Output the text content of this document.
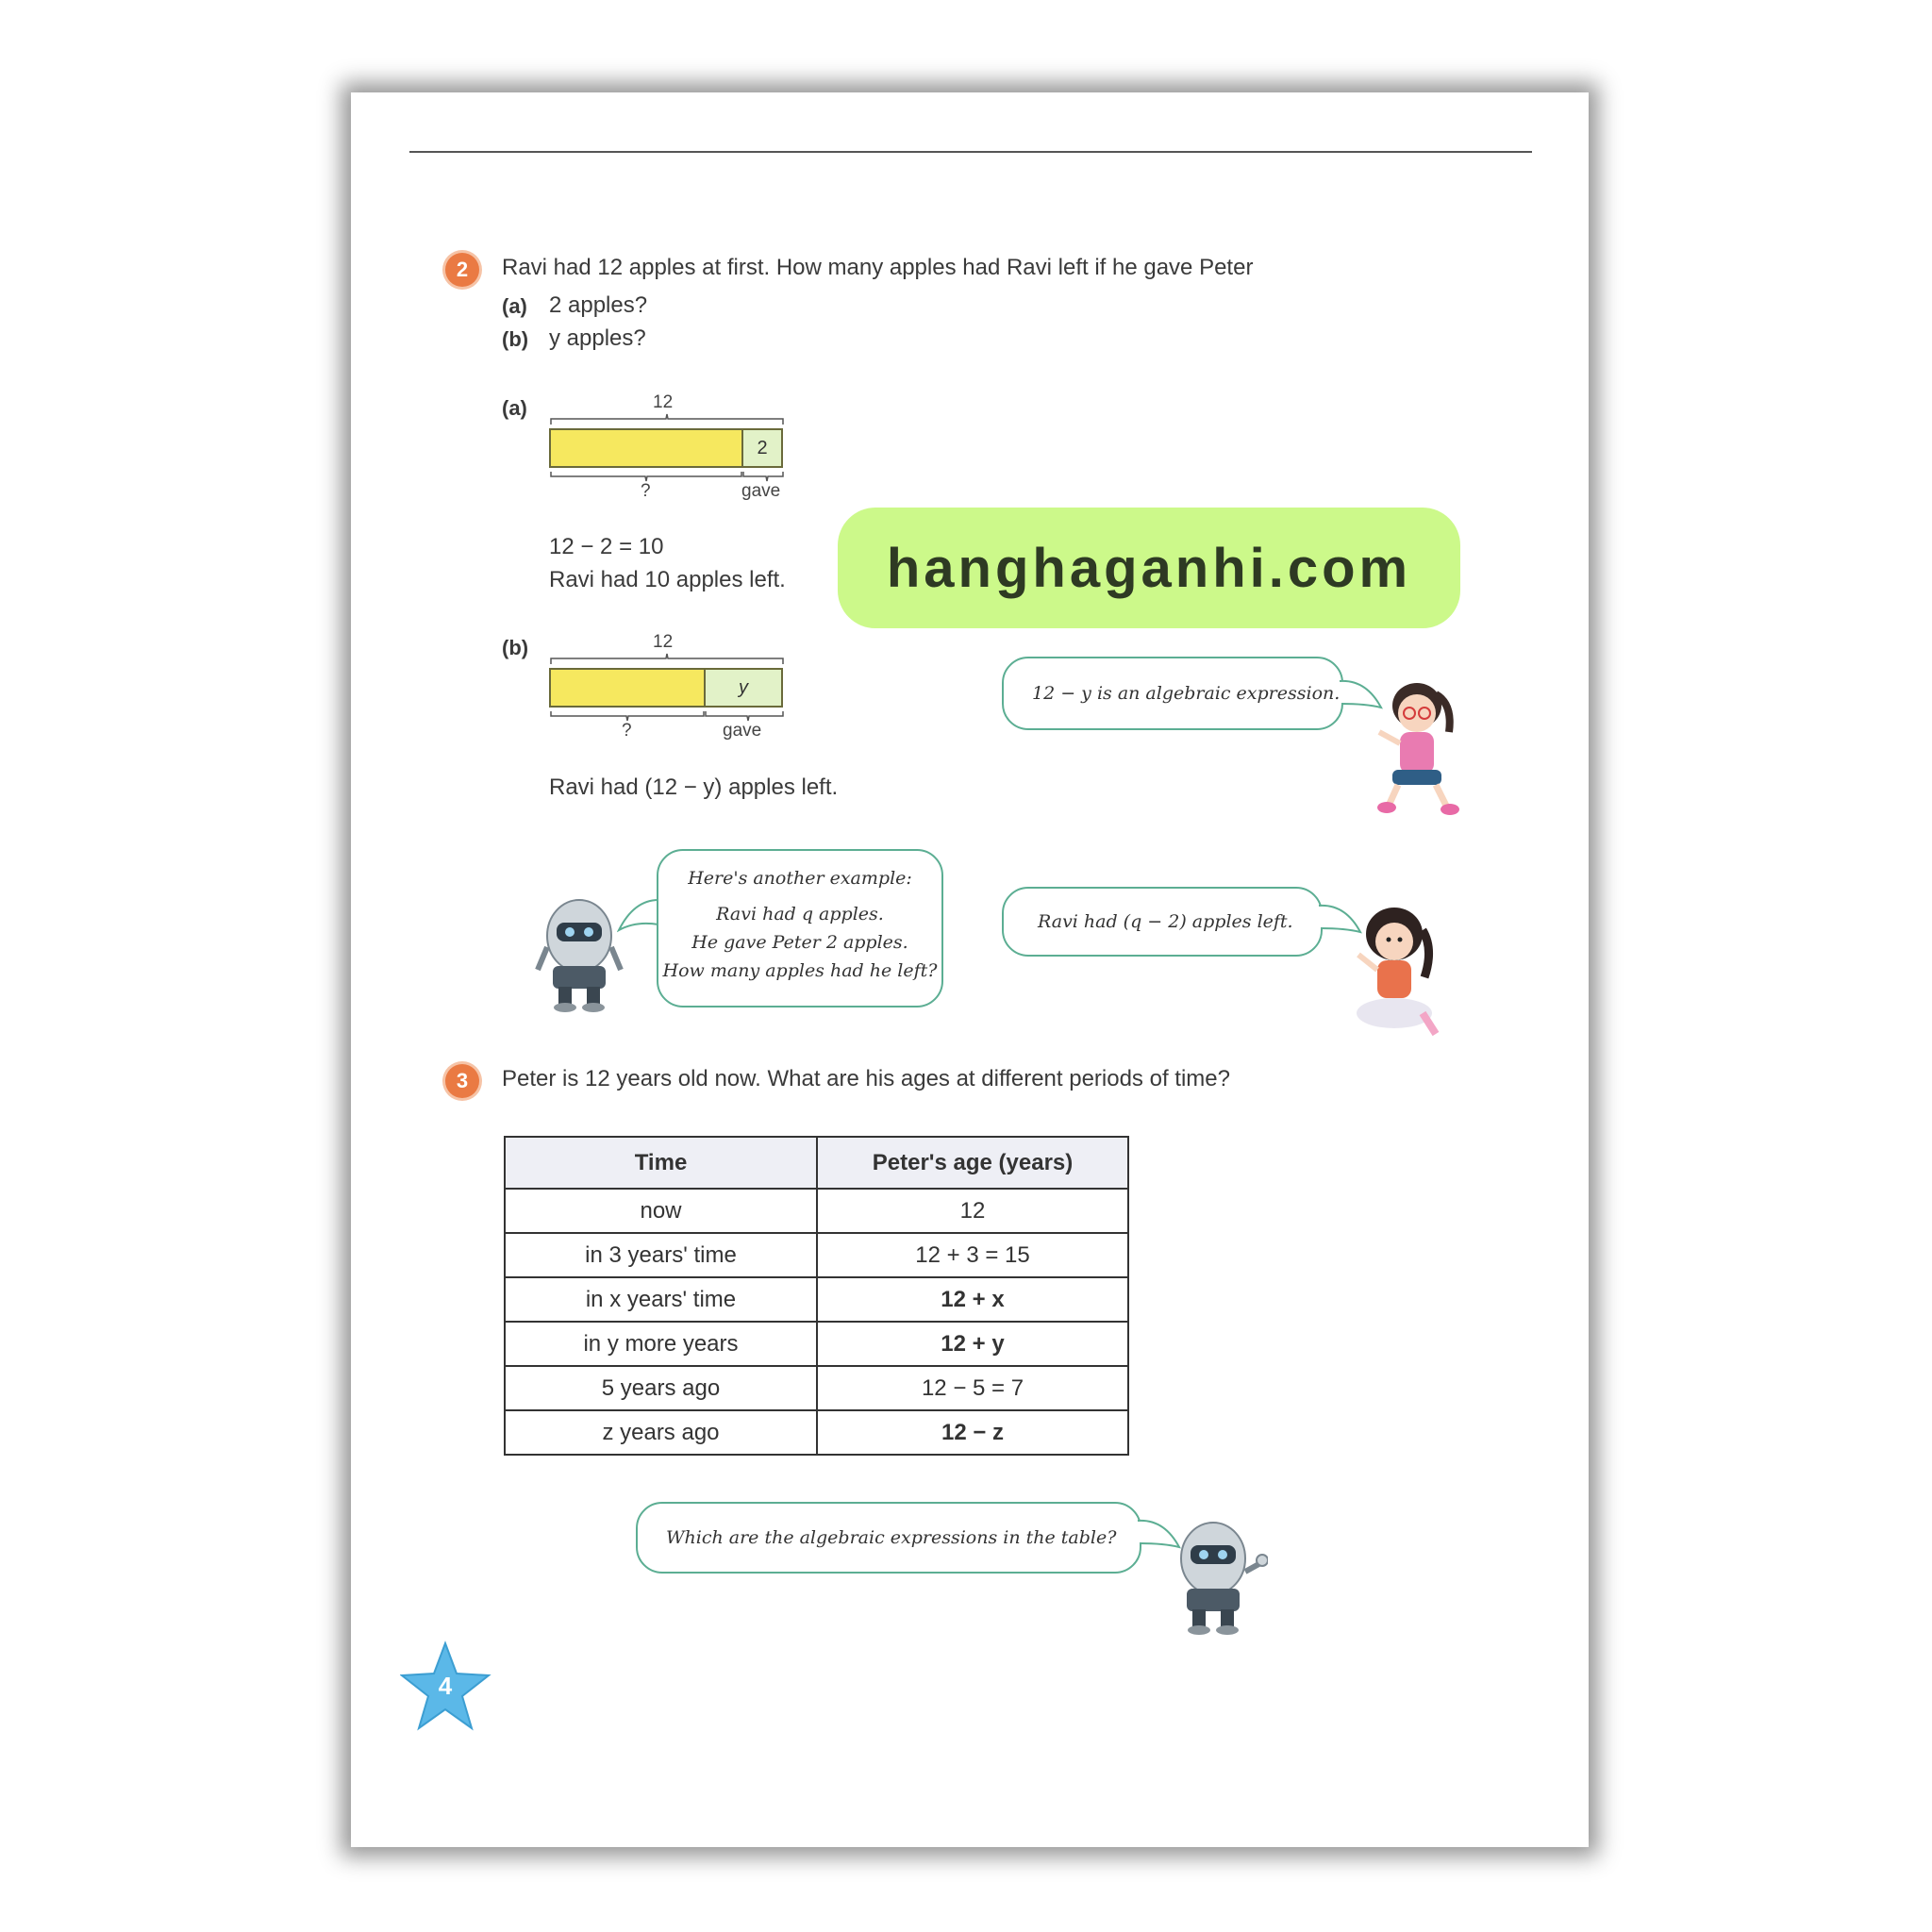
2 Ravi had 12 apples at first. How many apples had Ravi left if he gave Peter
(a) 2 apples?
(b) y apples?
(a)	12
2
?	gave
12 − 2 = 10
Ravi had 10 apples left. hanghaganhi.com
(b)	12
y
?	gave
Ravi had (12 − y) apples left.
12 − y is an algebraic expression.
Here's another example:
Ravi had q apples.
He gave Peter 2 apples.
How many apples had he left?
Ravi had (q − 2) apples left.
3 Peter is 12 years old now. What are his ages at different periods of time?
Time	Peter's age (years)
now	12
in 3 years' time	12 + 3 = 15
in x years' time	12 + x
in y more years	12 + y
5 years ago	12 − 5 = 7
z years ago	12 − z
Which are the algebraic expressions in the table?
4
